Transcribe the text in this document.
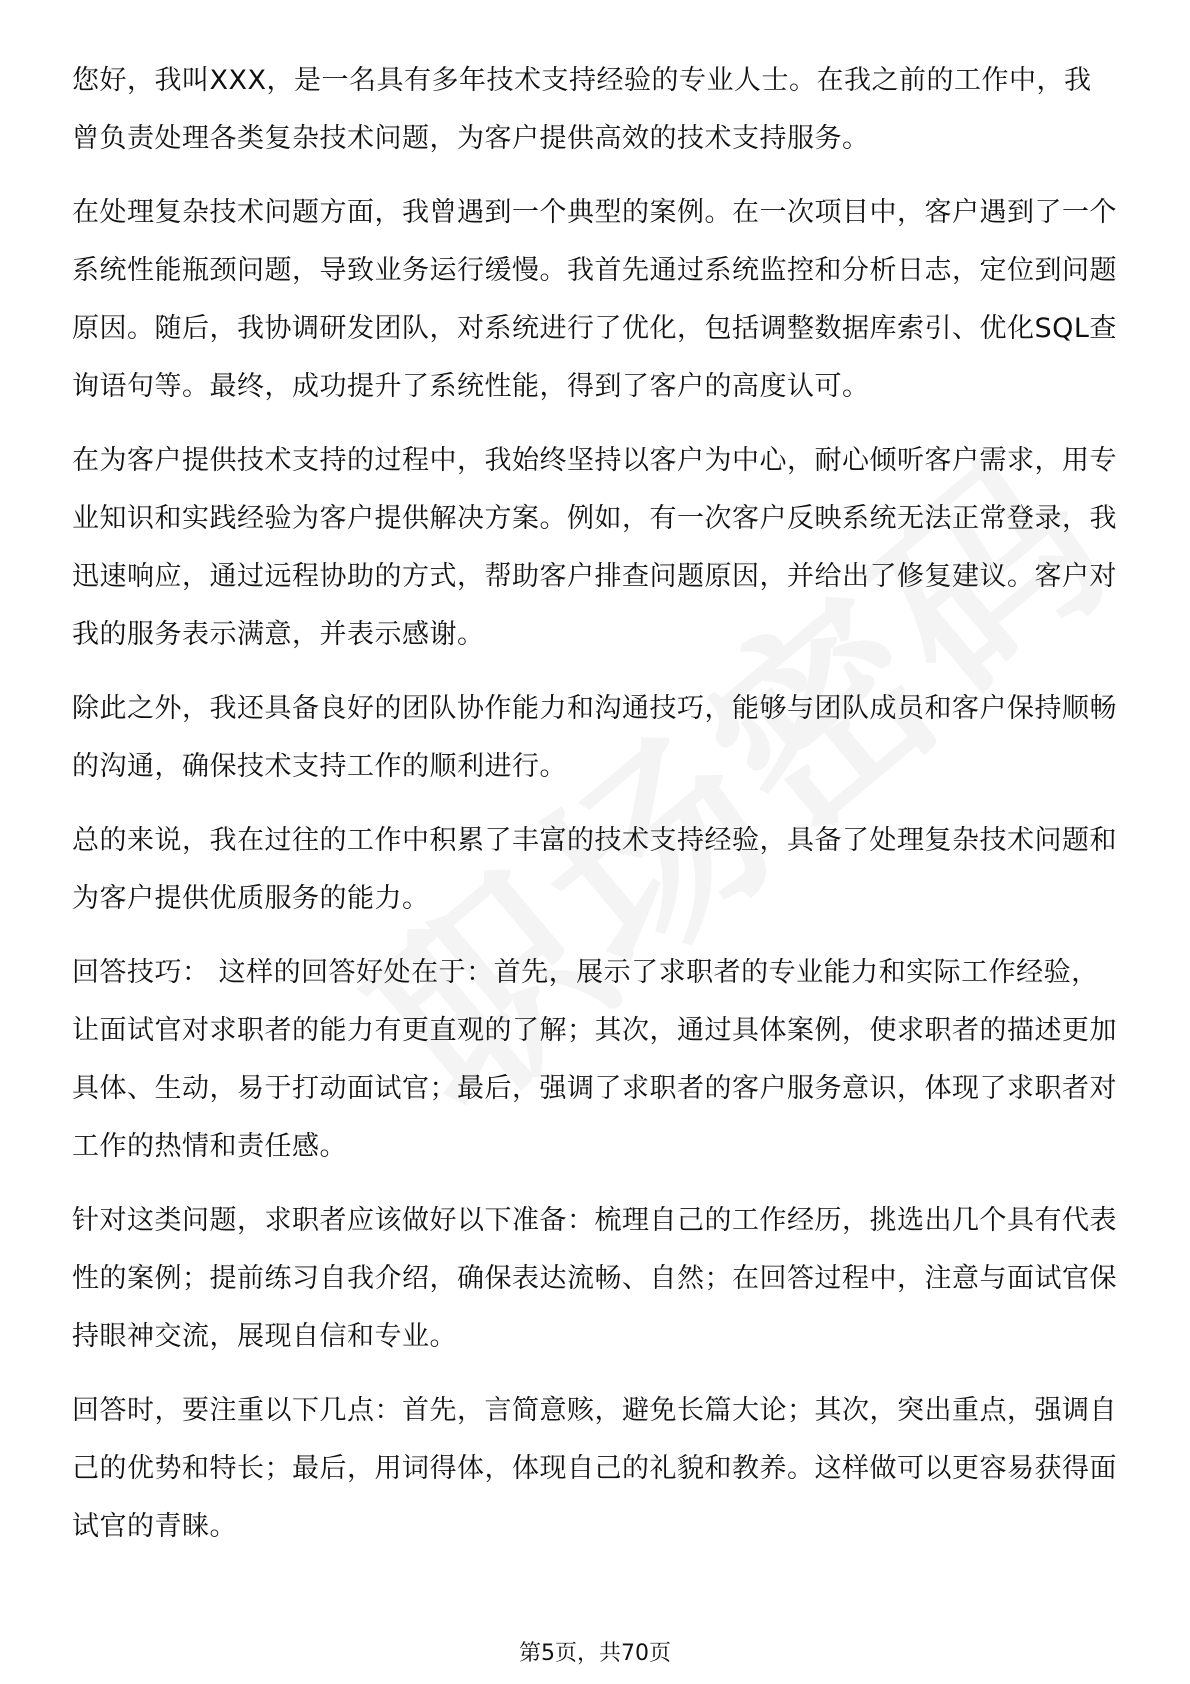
您好，我叫XXX，是一名具有多年技术支持经验的专业人士。在我之前的工作中，我曾负责处理各类复杂技术问题，为客户提供高效的技术支持服务。

在处理复杂技术问题方面，我曾遇到一个典型的案例。在一次项目中，客户遇到了一个系统性能瓶颈问题，导致业务运行缓慢。我首先通过系统监控和分析日志，定位到问题原因。随后，我协调研发团队，对系统进行了优化，包括调整数据库索引、优化SQL查询语句等。最终，成功提升了系统性能，得到了客户的高度认可。

在为客户提供技术支持的过程中，我始终坚持以客户为中心，耐心倾听客户需求，用专业知识和实践经验为客户提供解决方案。例如，有一次客户反映系统无法正常登录，我迅速响应，通过远程协助的方式，帮助客户排查问题原因，并给出了修复建议。客户对我的服务表示满意，并表示感谢。

除此之外，我还具备良好的团队协作能力和沟通技巧，能够与团队成员和客户保持顺畅的沟通，确保技术支持工作的顺利进行。

总的来说，我在过往的工作中积累了丰富的技术支持经验，具备了处理复杂技术问题和为客户提供优质服务的能力。

回答技巧： 这样的回答好处在于：首先，展示了求职者的专业能力和实际工作经验，让面试官对求职者的能力有更直观的了解；其次，通过具体案例，使求职者的描述更加具体、生动，易于打动面试官；最后，强调了求职者的客户服务意识，体现了求职者对工作的热情和责任感。

针对这类问题，求职者应该做好以下准备：梳理自己的工作经历，挑选出几个具有代表性的案例；提前练习自我介绍，确保表达流畅、自然；在回答过程中，注意与面试官保持眼神交流，展现自信和专业。

回答时，要注重以下几点：首先，言简意赅，避免长篇大论；其次，突出重点，强调自己的优势和特长；最后，用词得体，体现自己的礼貌和教养。这样做可以更容易获得面试官的青睐。

第5页，共70页
